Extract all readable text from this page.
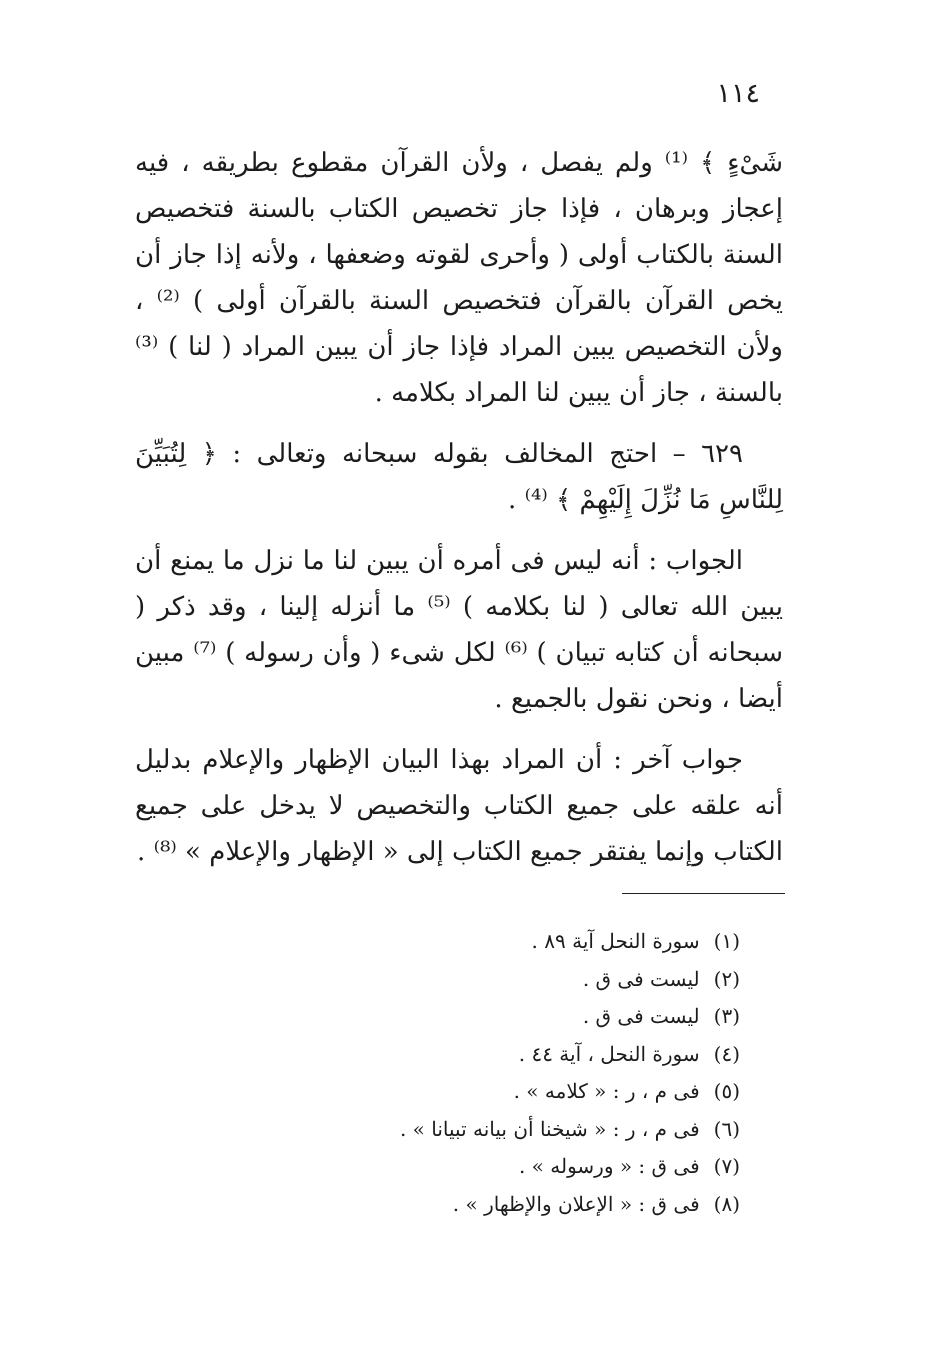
١١٤

شَىْءٍ ﴾ ⁽¹⁾ ولم يفصل ، ولأن القرآن مقطوع بطريقه ، فيه إعجاز وبرهان ، فإذا جاز تخصيص الكتاب بالسنة فتخصيص السنة بالكتاب أولى ( وأحرى لقوته وضعفها ، ولأنه إذا جاز أن يخص القرآن بالقرآن فتخصيص السنة بالقرآن أولى ) ⁽²⁾ ، ولأن التخصيص يبين المراد فإذا جاز أن يبين المراد ( لنا ) ⁽³⁾ بالسنة ، جاز أن يبين لنا المراد بكلامه .

٦٢٩ – احتج المخالف بقوله سبحانه وتعالى : ﴿ لِتُبَيِّنَ لِلنَّاسِ مَا نُزِّلَ إِلَيْهِمْ ﴾ ⁽⁴⁾ .

الجواب : أنه ليس فى أمره أن يبين لنا ما نزل ما يمنع أن يبين الله تعالى ( لنا بكلامه ) ⁽⁵⁾ ما أنزله إلينا ، وقد ذكر ( سبحانه أن كتابه تبيان ) ⁽⁶⁾ لكل شىء ( وأن رسوله ) ⁽⁷⁾ مبين أيضا ، ونحن نقول بالجميع .

جواب آخر : أن المراد بهذا البيان الإظهار والإعلام بدليل أنه علقه على جميع الكتاب والتخصيص لا يدخل على جميع الكتاب وإنما يفتقر جميع الكتاب إلى « الإظهار والإعلام » ⁽⁸⁾ .

(١) سورة النحل آية ٨٩ .
(٢) ليست فى ق .
(٣) ليست فى ق .
(٤) سورة النحل ، آية ٤٤ .
(٥) فى م ، ر : « كلامه » .
(٦) فى م ، ر : « شيخنا أن بيانه تبيانا » .
(٧) فى ق : « ورسوله » .
(٨) فى ق : « الإعلان والإظهار » .
